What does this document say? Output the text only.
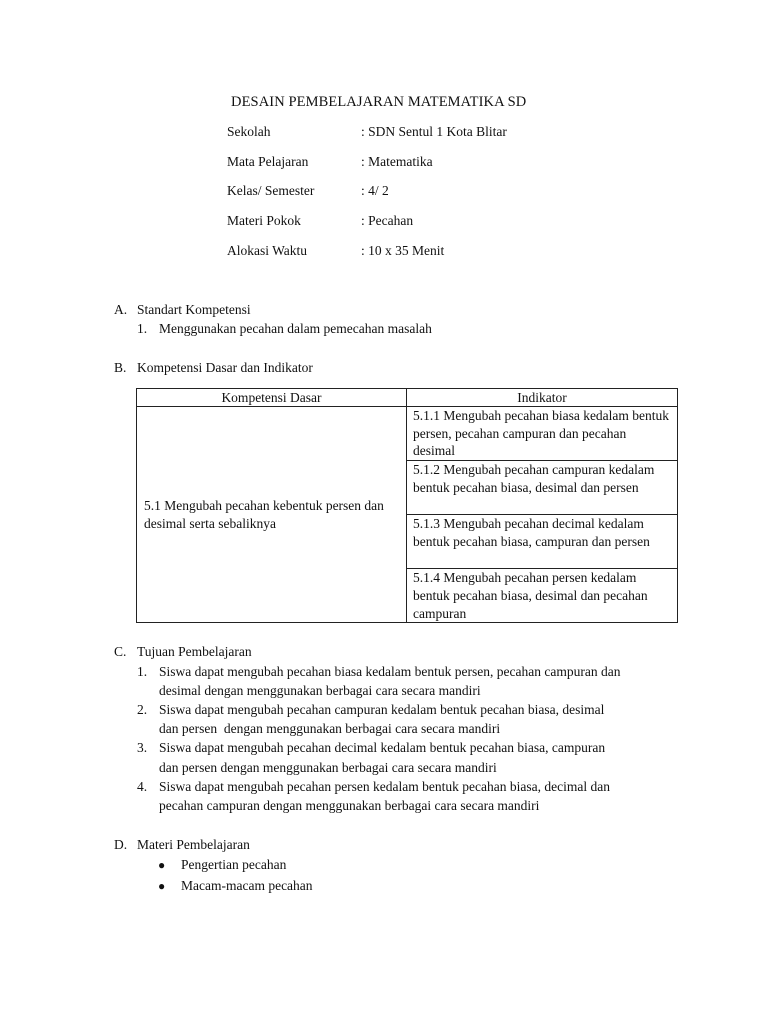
DESAIN PEMBELAJARAN MATEMATIKA SD
Sekolah	: SDN Sentul 1 Kota Blitar
Mata Pelajaran	: Matematika
Kelas/ Semester	: 4/ 2
Materi Pokok	: Pecahan
Alokasi Waktu	: 10 x 35 Menit
A. Standart Kompetensi
1. Menggunakan pecahan dalam pemecahan masalah
B. Kompetensi Dasar dan Indikator
Kompetensi Dasar	Indikator
5.1 Mengubah pecahan kebentuk persen dan desimal serta sebaliknya	5.1.1 Mengubah pecahan biasa kedalam bentuk persen, pecahan campuran dan pecahan desimal
	5.1.2 Mengubah pecahan campuran kedalam bentuk pecahan biasa, desimal dan persen
	5.1.3 Mengubah pecahan decimal kedalam bentuk pecahan biasa, campuran dan persen
	5.1.4 Mengubah pecahan persen kedalam bentuk pecahan biasa, desimal dan pecahan campuran
C. Tujuan Pembelajaran
1. Siswa dapat mengubah pecahan biasa kedalam bentuk persen, pecahan campuran dan
desimal dengan menggunakan berbagai cara secara mandiri
2. Siswa dapat mengubah pecahan campuran kedalam bentuk pecahan biasa, desimal
dan persen  dengan menggunakan berbagai cara secara mandiri
3. Siswa dapat mengubah pecahan decimal kedalam bentuk pecahan biasa, campuran
dan persen dengan menggunakan berbagai cara secara mandiri
4. Siswa dapat mengubah pecahan persen kedalam bentuk pecahan biasa, decimal dan
pecahan campuran dengan menggunakan berbagai cara secara mandiri
D. Materi Pembelajaran
● Pengertian pecahan
● Macam-macam pecahan
